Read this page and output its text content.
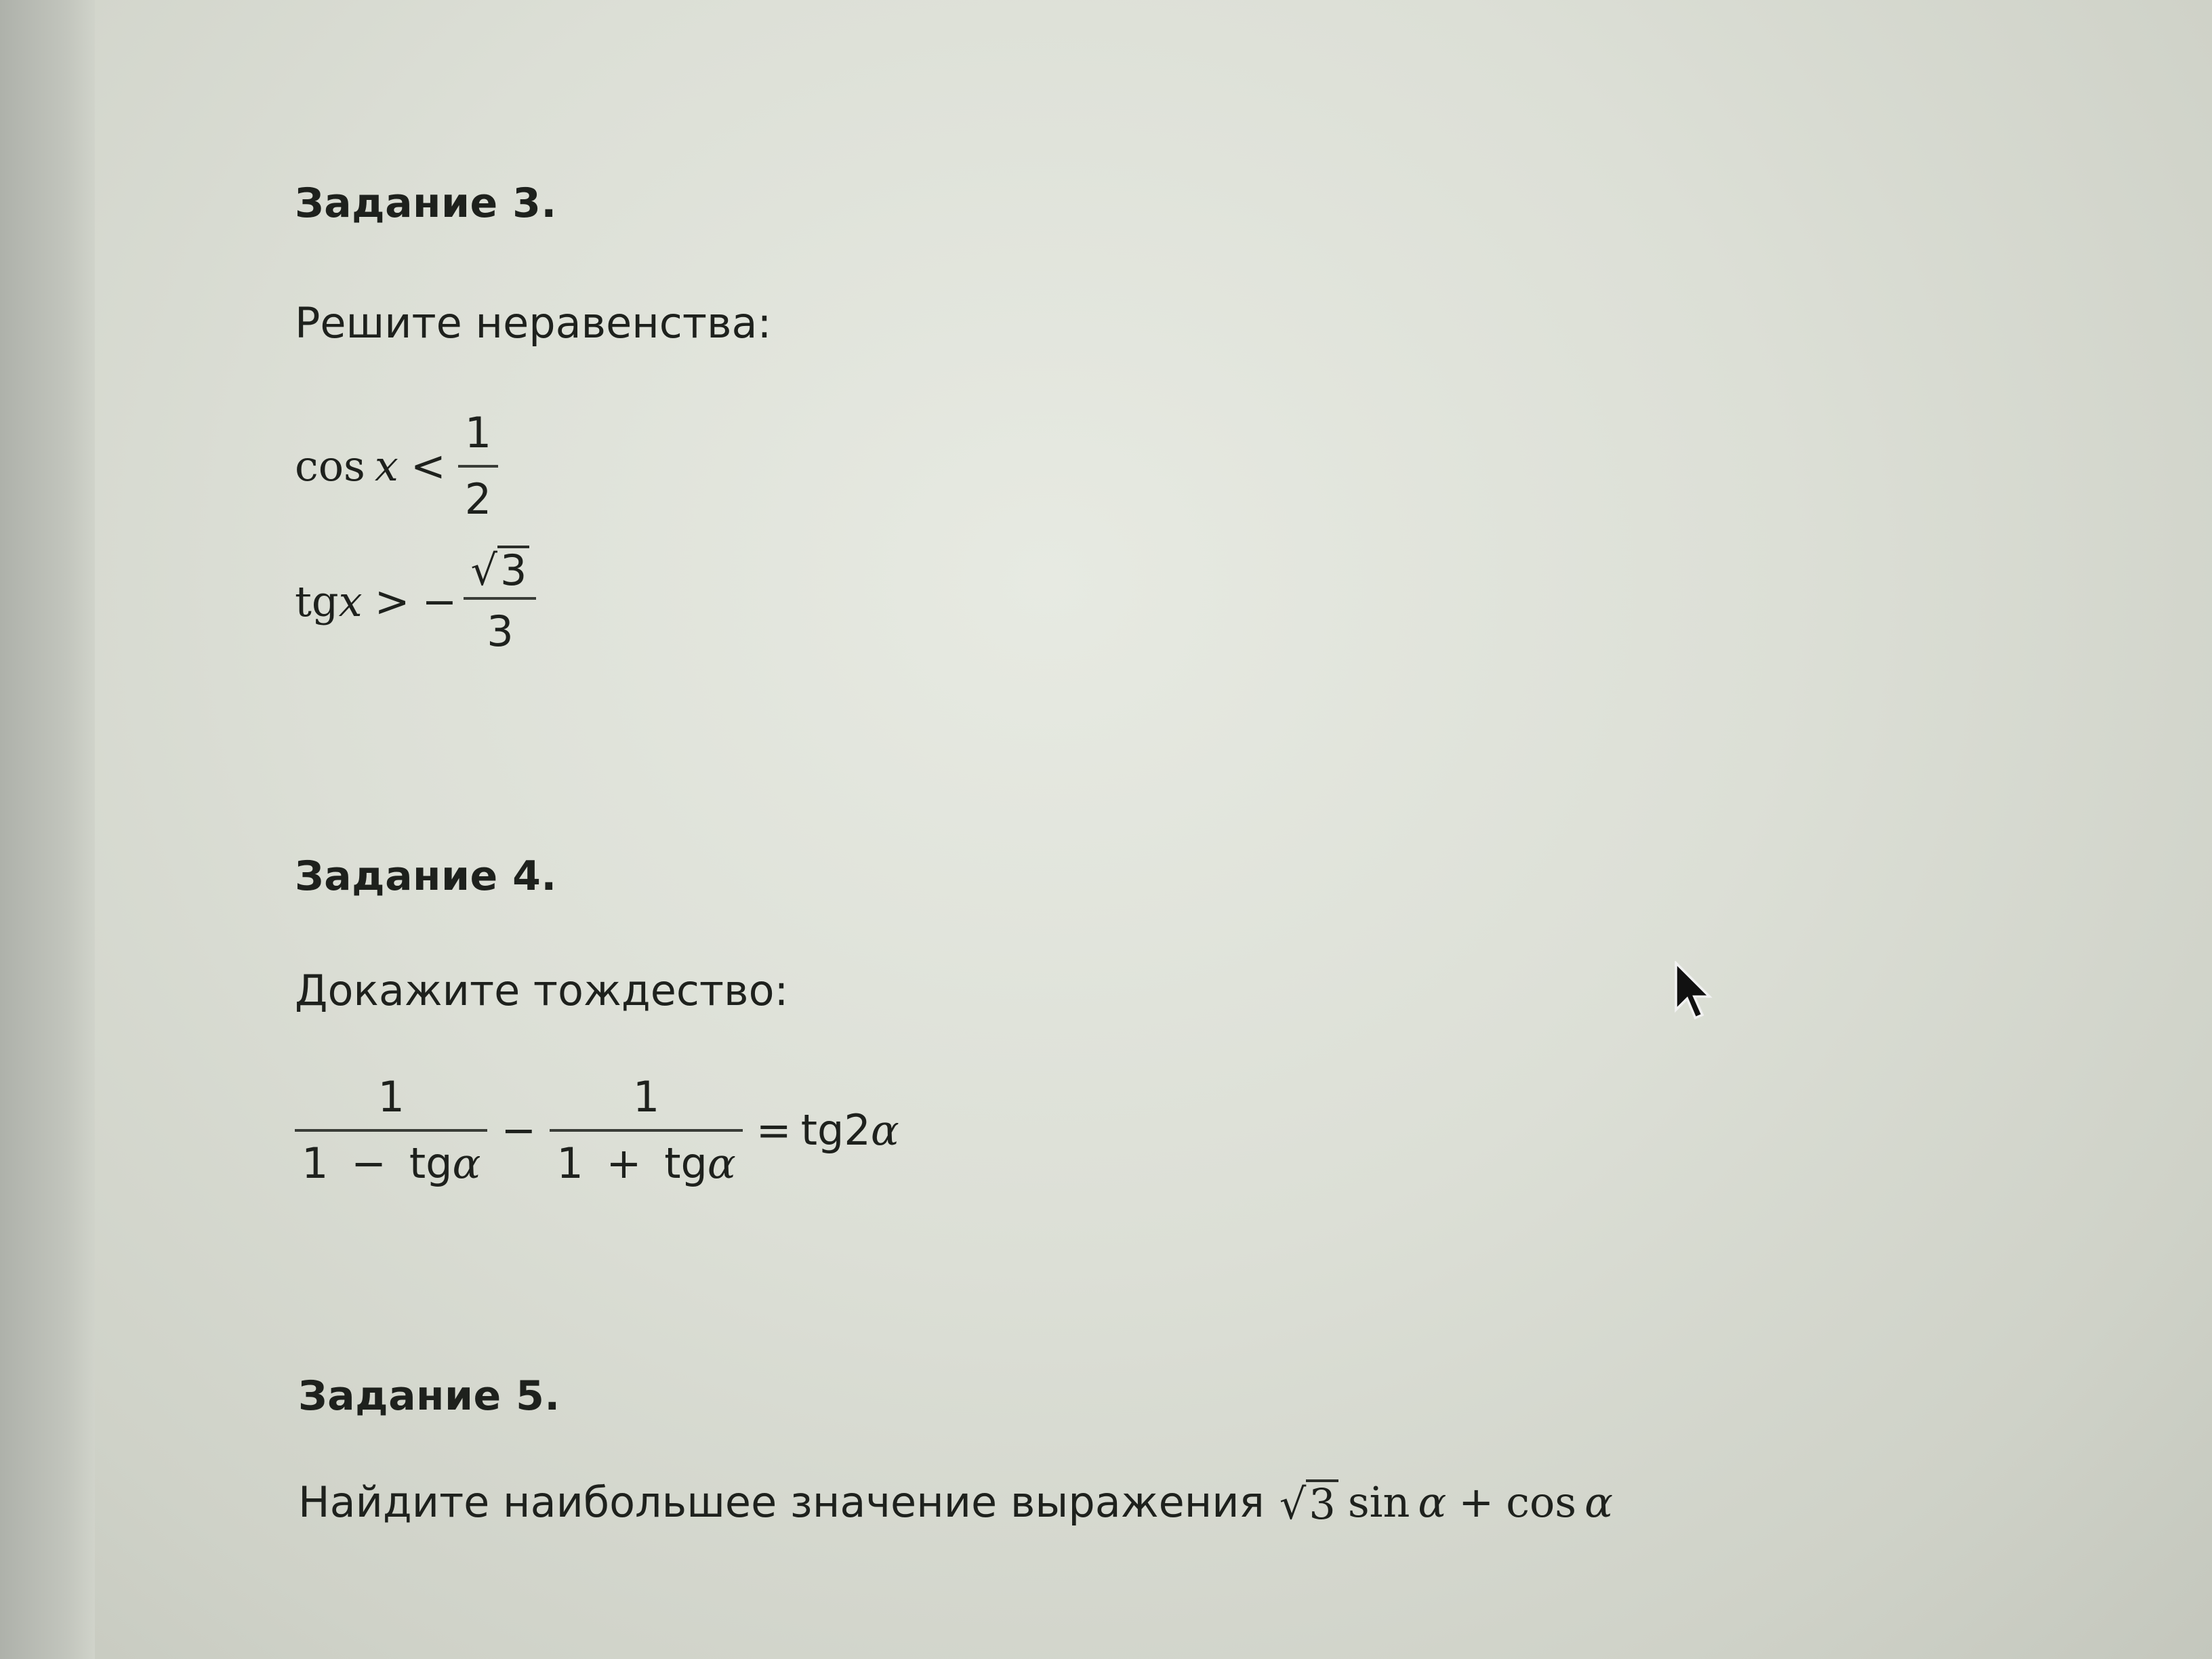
Задание 3.
Решите неравенства:
$\cos x < \frac{1}{2}$
tg x > − $\frac{√ 3}{3}$
Задание 4.
Докажите тождество:
$\frac{1}{\text{1 − tgα}} - \frac{1}{\text{1 + tgα}} = tg2$ α
Задание 5.
Найдите наибольшее значение выражения √ 3 sin α + cos α
